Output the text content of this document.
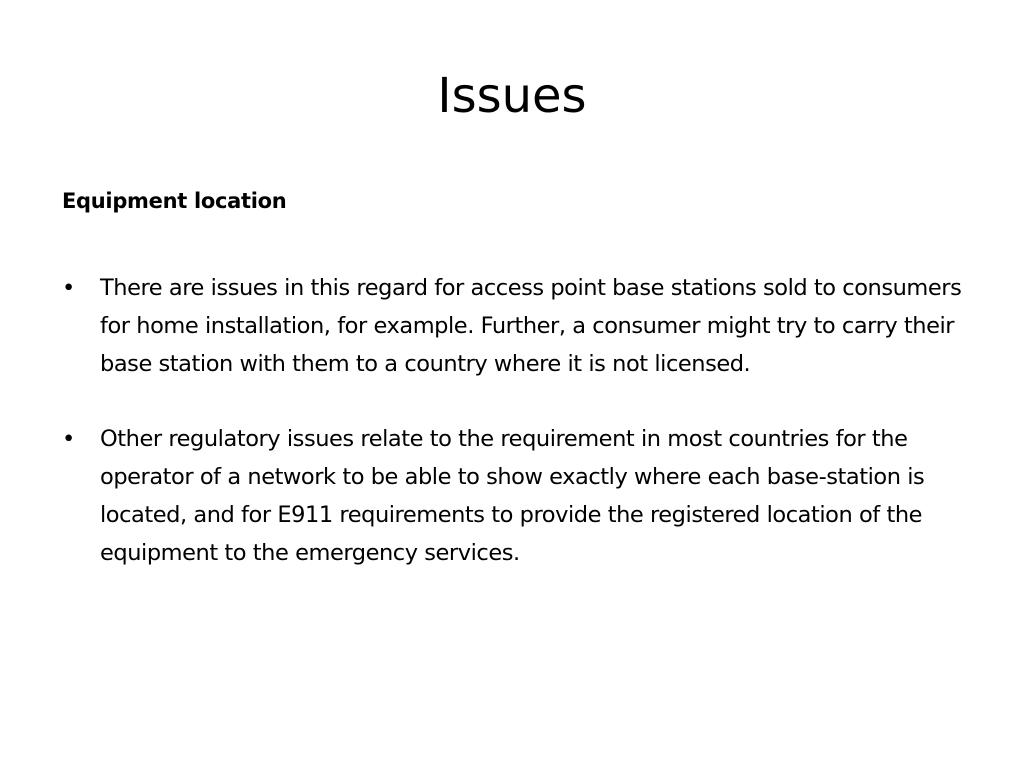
Issues
Equipment location
•	There are issues in this regard for access point base stations sold to consumers for home installation, for example. Further, a consumer might try to carry their base station with them to a country where it is not licensed.
•	Other regulatory issues relate to the requirement in most countries for the operator of a network to be able to show exactly where each base-station is located, and for E911 requirements to provide the registered location of the equipment to the emergency services.
